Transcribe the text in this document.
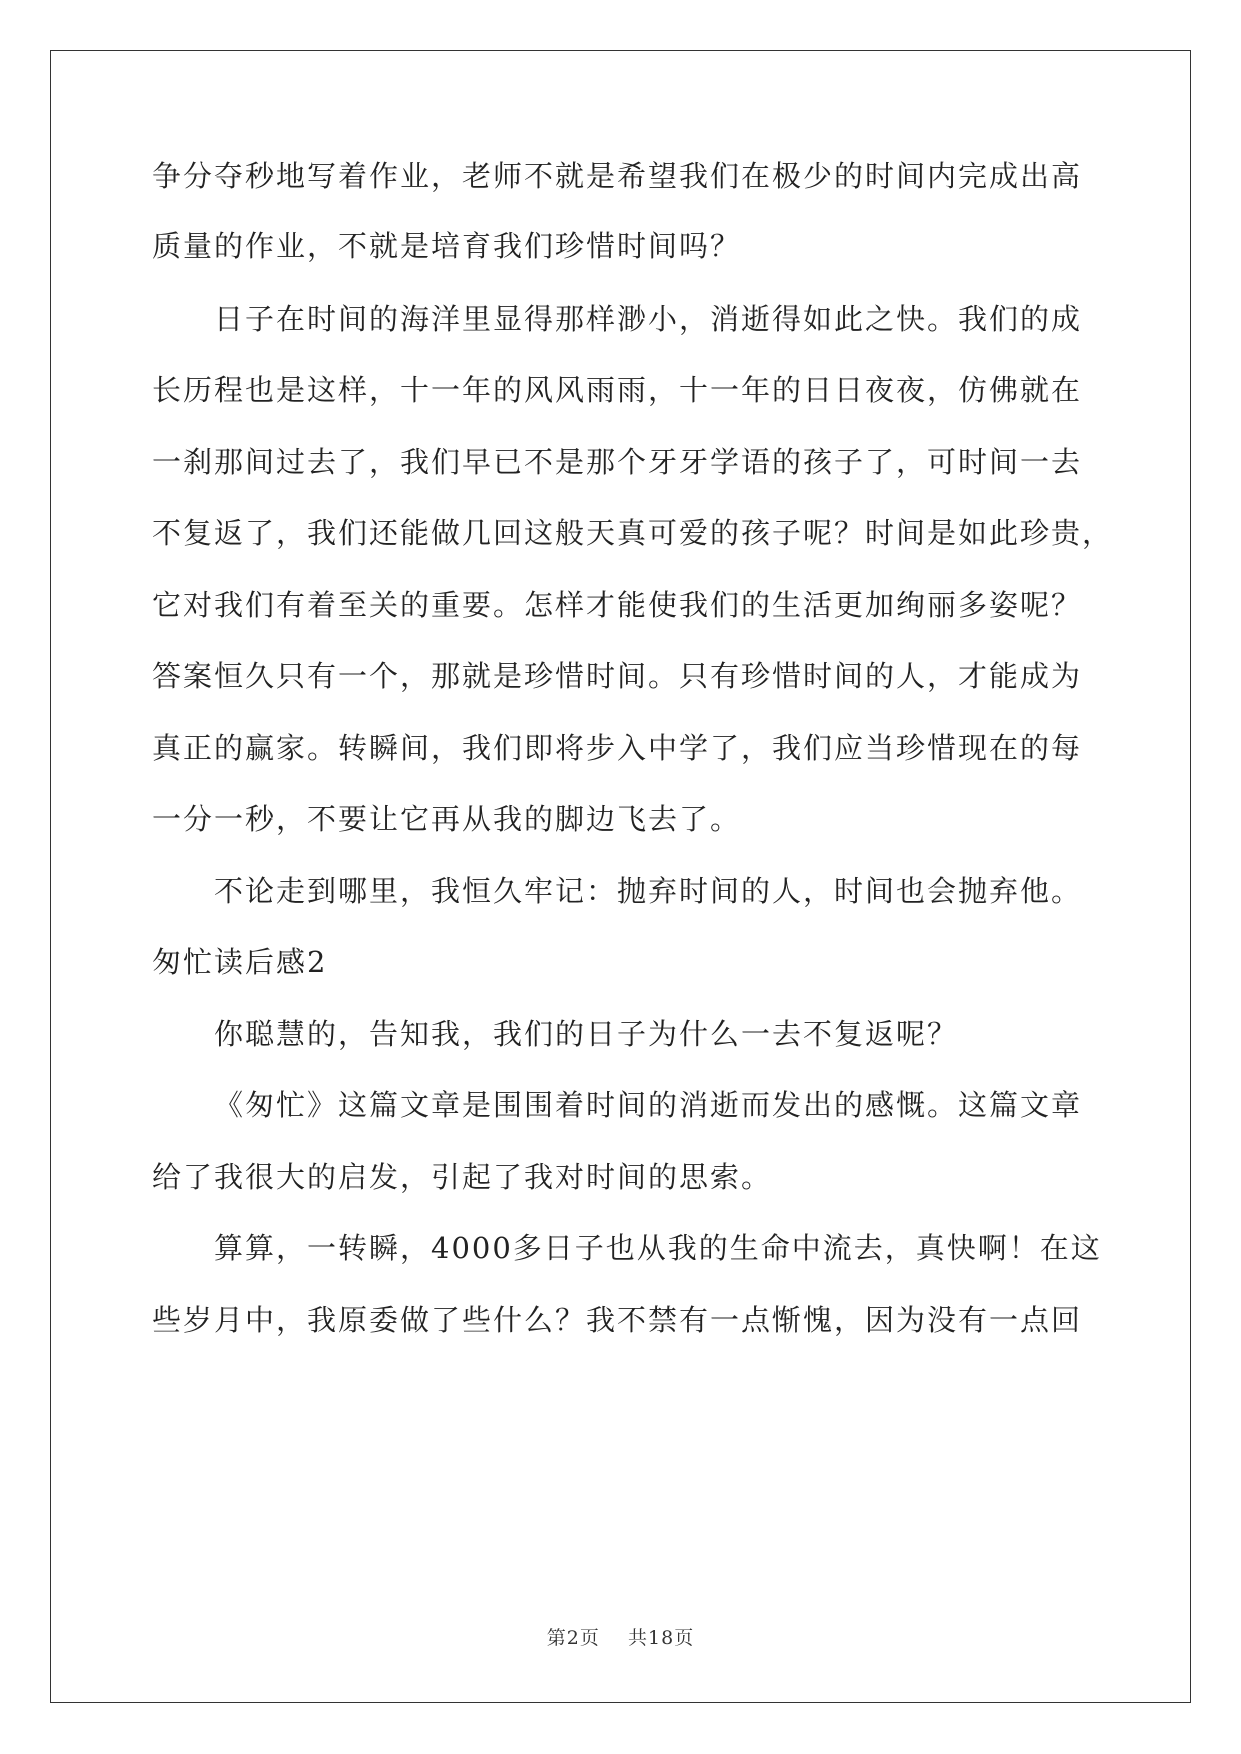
争分夺秒地写着作业，老师不就是希望我们在极少的时间内完成出高
质量的作业，不就是培育我们珍惜时间吗？
日子在时间的海洋里显得那样渺小，消逝得如此之快。我们的成
长历程也是这样，十一年的风风雨雨，十一年的日日夜夜，仿佛就在
一刹那间过去了，我们早已不是那个牙牙学语的孩子了，可时间一去
不复返了，我们还能做几回这般天真可爱的孩子呢？时间是如此珍贵，
它对我们有着至关的重要。怎样才能使我们的生活更加绚丽多姿呢？
答案恒久只有一个，那就是珍惜时间。只有珍惜时间的人，才能成为
真正的赢家。转瞬间，我们即将步入中学了，我们应当珍惜现在的每
一分一秒，不要让它再从我的脚边飞去了。
不论走到哪里，我恒久牢记：抛弃时间的人，时间也会抛弃他。
匆忙读后感2
你聪慧的，告知我，我们的日子为什么一去不复返呢？
《匆忙》这篇文章是围围着时间的消逝而发出的感慨。这篇文章
给了我很大的启发，引起了我对时间的思索。
算算，一转瞬，4000多日子也从我的生命中流去，真快啊！在这
些岁月中，我原委做了些什么？我不禁有一点惭愧，因为没有一点回
第2页 共18页
